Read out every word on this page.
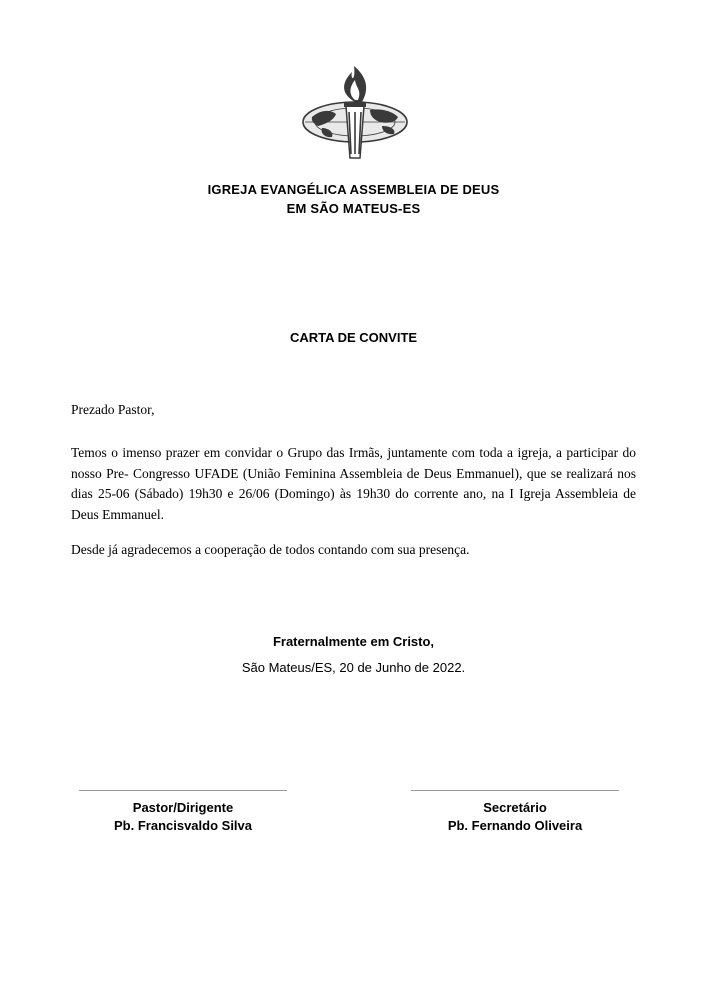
IGREJA EVANGÉLICA ASSEMBLEIA DE DEUS
EM SÃO MATEUS-ES
CARTA DE CONVITE
Prezado Pastor,
Temos o imenso prazer em convidar o Grupo das Irmãs, juntamente com toda a igreja, a participar do nosso Pre- Congresso UFADE (União Feminina Assembleia de Deus Emmanuel), que se realizará nos dias 25-06 (Sábado) 19h30 e 26/06 (Domingo) às 19h30 do corrente ano, na I Igreja Assembleia de Deus Emmanuel.
Desde já agradecemos a cooperação de todos contando com sua presença.
Fraternalmente em Cristo,
São Mateus/ES, 20 de Junho de 2022.
Pastor/Dirigente
Pb. Francisvaldo Silva
Secretário
Pb. Fernando Oliveira
